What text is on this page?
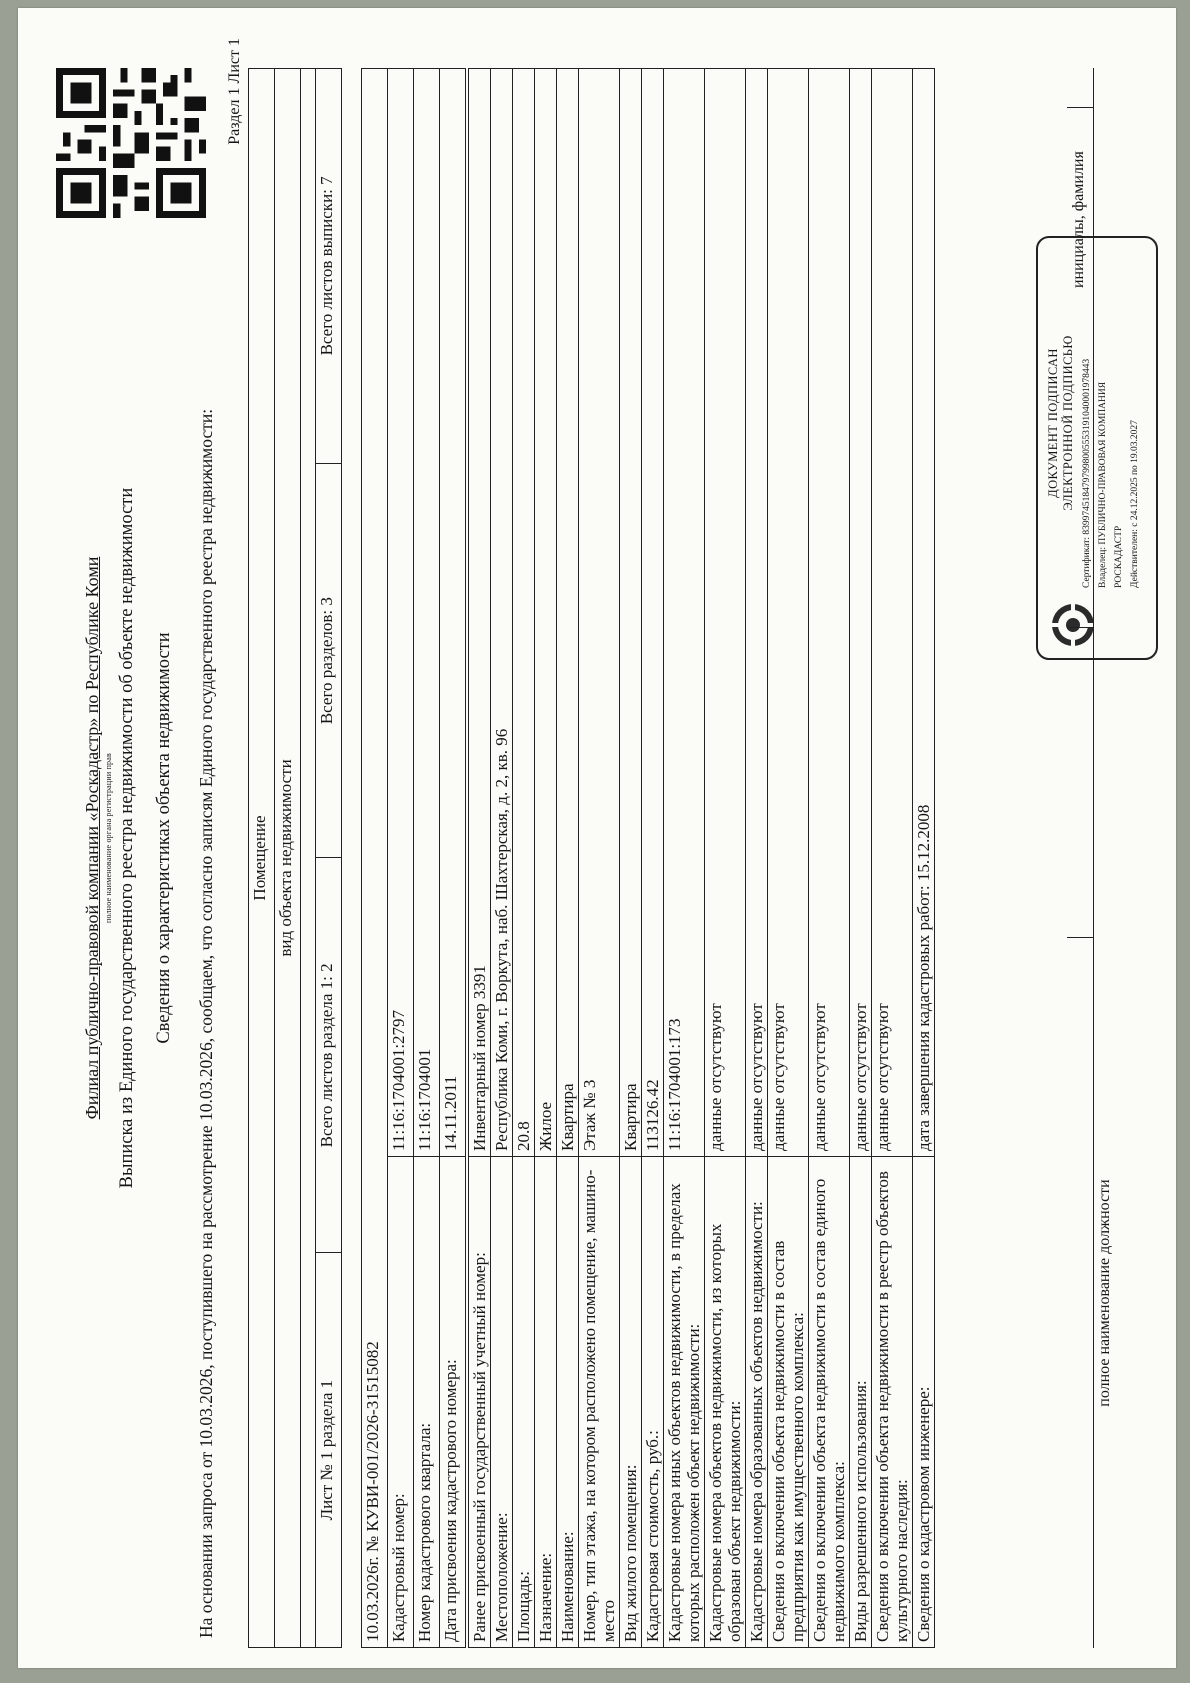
Филиал публично-правовой компании «Роскадастр» по Республике Коми полное наименование органа регистрации прав Выписка из Единого государственного реестра недвижимости об объекте недвижимости Сведения о характеристиках объекта недвижимости На основании запроса от 10.03.2026, поступившего на рассмотрение 10.03.2026, сообщаем, что согласно записям Единого государственного реестра недвижимости:
Раздел 1 Лист 1
Помещение
вид объекта недвижимости

Лист № 1 раздела 1	Всего листов раздела 1: 2	Всего разделов: 3	Всего листов выписки: 7
10.03.2026г. № КУВИ-001/2026-31515082	
Кадастровый номер:	11:16:1704001:2797
Номер кадастрового квартала:	11:16:1704001
Дата присвоения кадастрового номера:	14.11.2011
Ранее присвоенный государственный учетный номер:	Инвентарный номер 3391
Местоположение:	Республика Коми, г. Воркута, наб. Шахтерская, д. 2, кв. 96
Площадь:	20.8
Назначение:	Жилое
Наименование:	Квартира
Номер, тип этажа, на котором расположено помещение, машино-место	Этаж № 3
Вид жилого помещения:	Квартира
Кадастровая стоимость, руб.:	113126.42
Кадастровые номера иных объектов недвижимости, в пределах которых расположен объект недвижимости:	11:16:1704001:173
Кадастровые номера объектов недвижимости, из которых образован объект недвижимости:	данные отсутствуют
Кадастровые номера образованных объектов недвижимости:	данные отсутствуют
Сведения о включении объекта недвижимости в состав предприятия как имущественного комплекса:	данные отсутствуют
Сведения о включении объекта недвижимости в состав единого недвижимого комплекса:	данные отсутствуют
Виды разрешенного использования:	данные отсутствуют
Сведения о включении объекта недвижимости в реестр объектов культурного наследия:	данные отсутствуют
Сведения о кадастровом инженере:	дата завершения кадастровых работ: 15.12.2008
ДОКУМЕНТ ПОДПИСАН ЭЛЕКТРОННОЙ ПОДПИСЬЮ Сертификат: 8399745184797998005553191040001978443 Владелец: ПУБЛИЧНО-ПРАВОВАЯ КОМПАНИЯ РОСКАДАСТР Действителен: с 24.12.2025 по 19.03.2027
полное наименование должности
инициалы, фамилия
